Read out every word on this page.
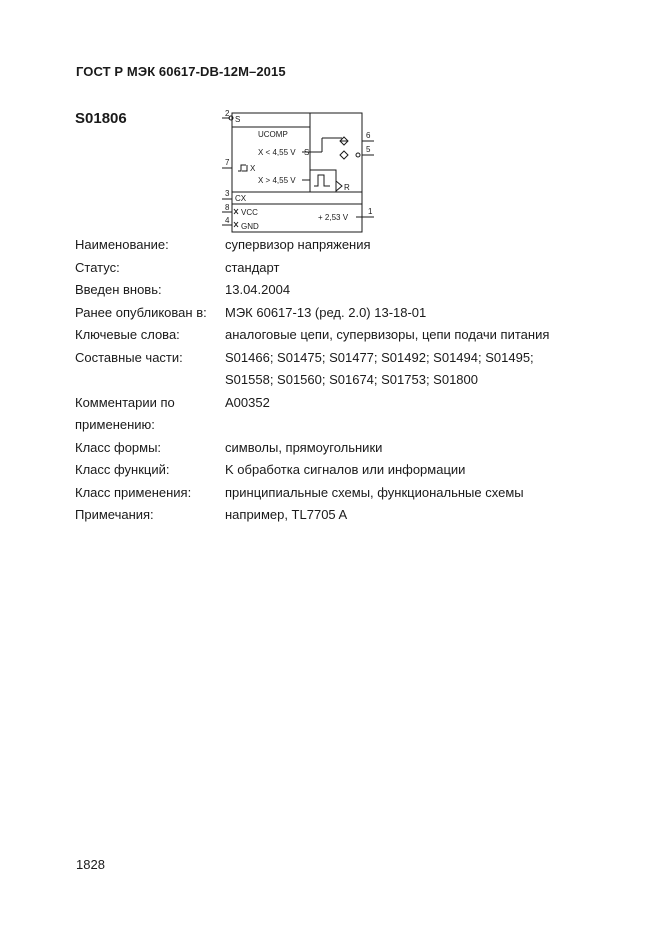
ГОСТ Р МЭК 60617-DB-12M–2015
S01806	2
S
UCOMP
X < 4,55 V S
7
X
X > 4,55 V
R
3
CX
8
VCC
+ 2,53 V
4
GND
6
5
1
Наименование:	супервизор напряжения
Статус:	стандарт
Введен вновь:	13.04.2004
Ранее опубликован в:	МЭК 60617-13 (ред. 2.0) 13-18-01
Ключевые слова:	аналоговые цепи, супервизоры, цепи подачи питания
Составные части:	S01466; S01475; S01477; S01492; S01494; S01495;
S01558; S01560; S01674; S01753; S01800
Комментарии по	A00352
применению:
Класс формы:	символы, прямоугольники
Класс функций:	K обработка сигналов или информации
Класс применения:	принципиальные схемы, функциональные схемы
Примечания:	например, TL7705 A
1828
